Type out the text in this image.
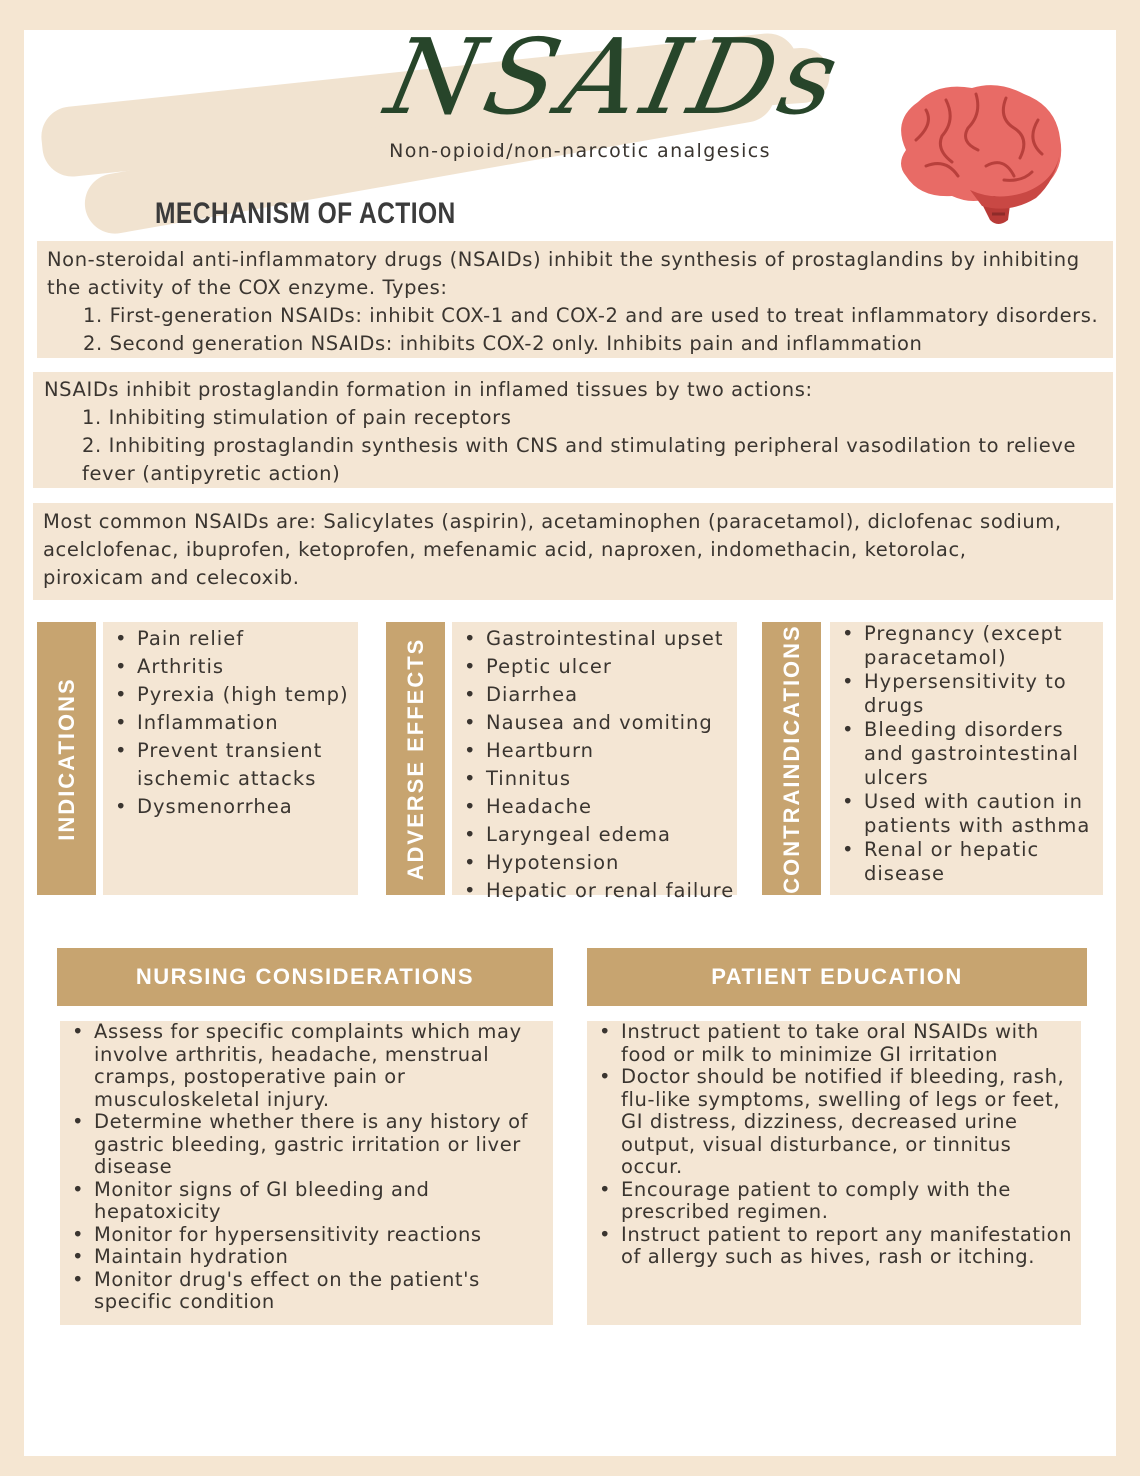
NSAIDs
Non-opioid/non-narcotic analgesics
MECHANISM OF ACTION

Non-steroidal anti-inflammatory drugs (NSAIDs) inhibit the synthesis of prostaglandins by inhibiting the activity of the COX enzyme. Types:

1. First-generation NSAIDs: inhibit COX-1 and COX-2 and are used to treat inflammatory disorders.

2. Second generation NSAIDs: inhibits COX-2 only. Inhibits pain and inflammation

NSAIDs inhibit prostaglandin formation in inflamed tissues by two actions:

1. Inhibiting stimulation of pain receptors

2. Inhibiting prostaglandin synthesis with CNS and stimulating peripheral vasodilation to relieve fever (antipyretic action)

Most common NSAIDs are: Salicylates (aspirin), acetaminophen (paracetamol), diclofenac sodium, acelclofenac, ibuprofen, ketoprofen, mefenamic acid, naproxen, indomethacin, ketorolac, piroxicam and celecoxib.

INDICATIONS
• Pain relief
• Arthritis
• Pyrexia (high temp)
• Inflammation
• Prevent transient ischemic attacks
• Dysmenorrhea	ADVERSE EFFECTS	• Gastrointestinal upset
• Peptic ulcer
• Diarrhea
• Nausea and vomiting
• Heartburn
• Tinnitus
• Headache
• Laryngeal edema
• Hypotension
• Hepatic or renal failure CONTRAINDICATIONS	• Pregnancy (except paracetamol)
• Hypersensitivity to drugs
• Bleeding disorders and gastrointestinal ulcers
• Used with caution in patients with asthma
• Renal or hepatic disease
NURSING CONSIDERATIONS
• Assess for specific complaints which may involve arthritis, headache, menstrual cramps, postoperative pain or musculoskeletal injury.
• Determine whether there is any history of gastric bleeding, gastric irritation or liver disease
• Monitor signs of GI bleeding and hepatoxicity
• Monitor for hypersensitivity reactions
• Maintain hydration
• Monitor drug's effect on the patient's specific condition
PATIENT EDUCATION
• Instruct patient to take oral NSAIDs with food or milk to minimize GI irritation
• Doctor should be notified if bleeding, rash, flu-like symptoms, swelling of legs or feet, GI distress, dizziness, decreased urine output, visual disturbance, or tinnitus occur.
• Encourage patient to comply with the prescribed regimen.
• Instruct patient to report any manifestation of allergy such as hives, rash or itching.
